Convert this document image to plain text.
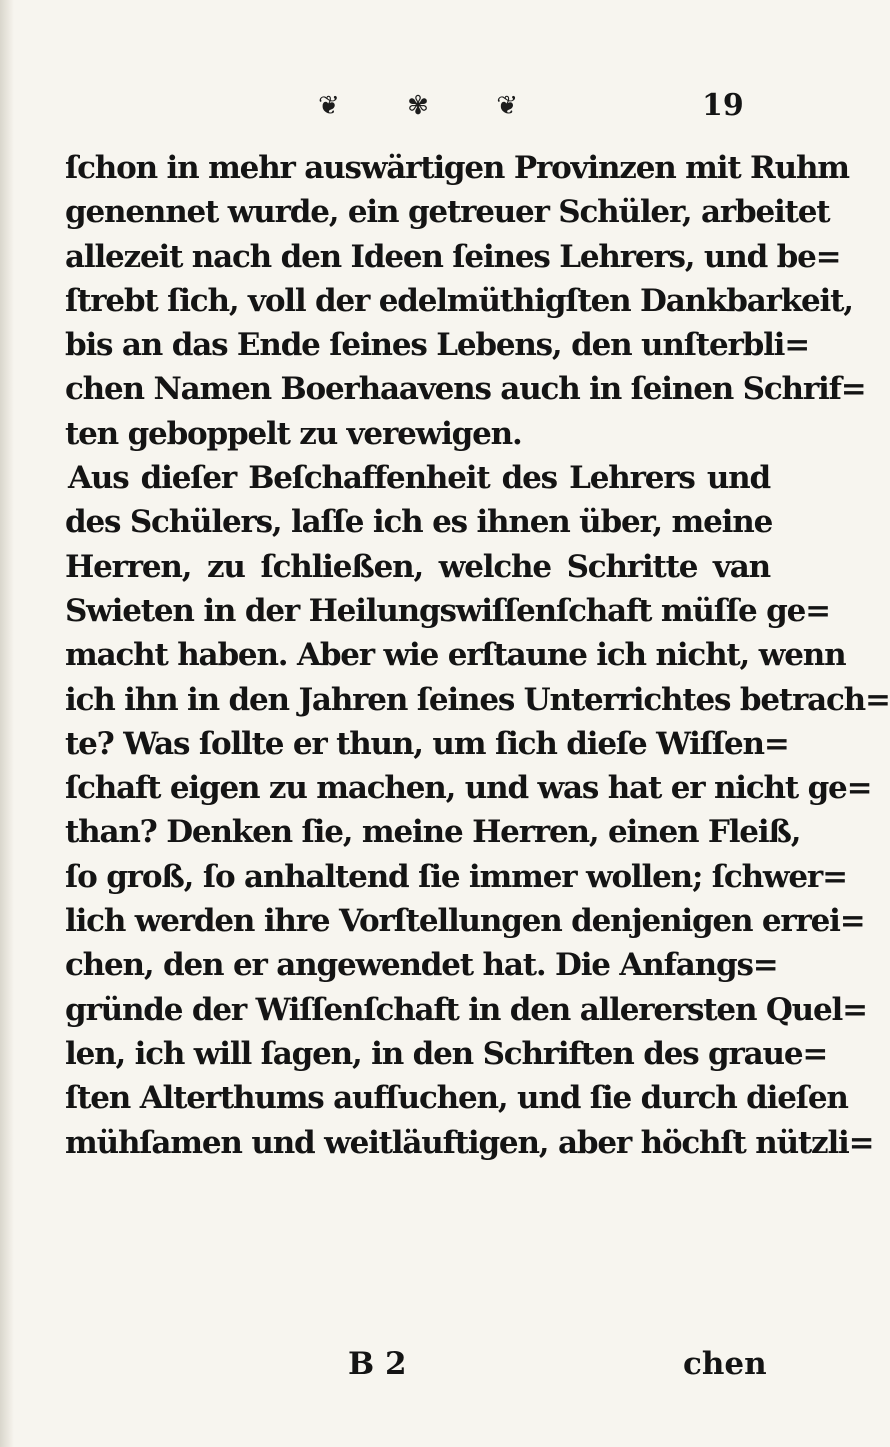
❦	✾	❦	19
ſchon in mehr auswärtigen Provinzen mit Ruhm
genennet wurde, ein getreuer Schüler, arbeitet
allezeit nach den Ideen ſeines Lehrers, und be=
ſtrebt ſich, voll der edelmüthigſten Dankbarkeit,
bis an das Ende ſeines Lebens, den unſterbli=
chen Namen Boerhaavens auch in ſeinen Schrif=
ten geboppelt zu verewigen.
Aus dieſer Beſchaffenheit des Lehrers und
des Schülers, laſſe ich es ihnen über, meine
Herren, zu ſchließen, welche Schritte van
Swieten in der Heilungswiſſenſchaft müſſe ge=
macht haben. Aber wie erſtaune ich nicht, wenn
ich ihn in den Jahren ſeines Unterrichtes betrach=
te? Was ſollte er thun, um ſich dieſe Wiſſen=
ſchaft eigen zu machen, und was hat er nicht ge=
than? Denken ſie, meine Herren, einen Fleiß,
ſo groß, ſo anhaltend ſie immer wollen; ſchwer=
lich werden ihre Vorſtellungen denjenigen errei=
chen, den er angewendet hat. Die Anfangs=
gründe der Wiſſenſchaft in den allerersten Quel=
len, ich will ſagen, in den Schriften des graue=
ſten Alterthums aufſuchen, und ſie durch dieſen
mühſamen und weitläuftigen, aber höchſt nützli=
B 2	chen
